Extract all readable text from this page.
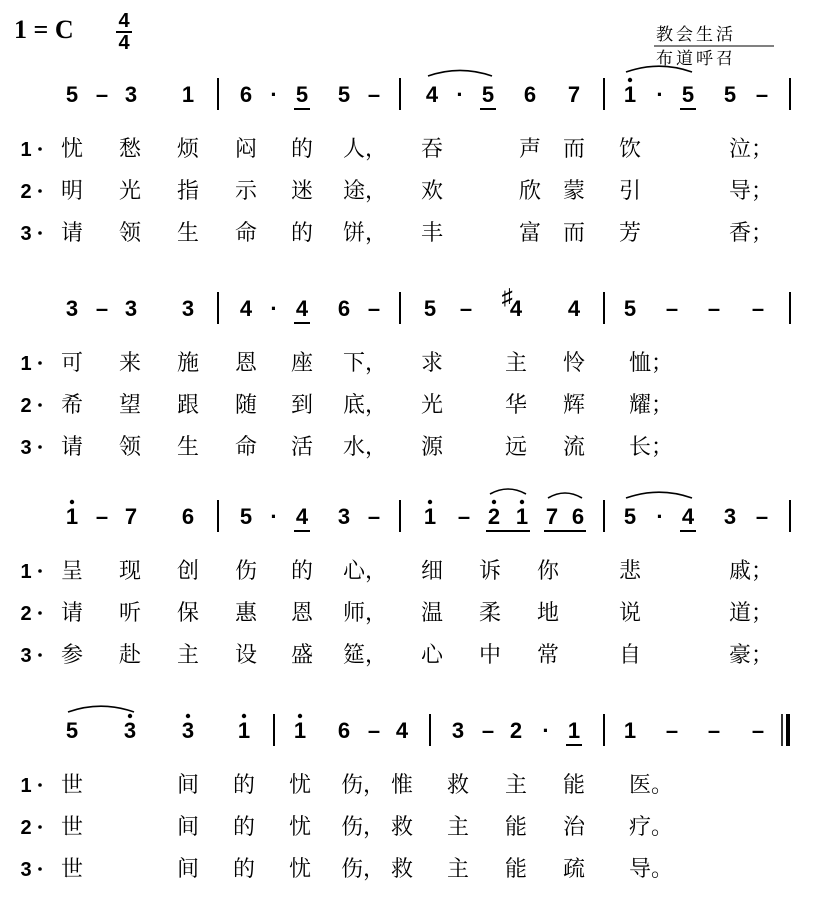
1 = C 4
4	教会生活
布道呼召
5 – 3 1 6 · 5 5 – 4 · 5 6 7 1 · 5 5 –
1 忧 愁 烦 闷 的 人， 吞	声 而 饮	泣；
2 明 光 指 示 迷 途， 欢	欣 蒙 引	导；
3 请 领 生 命 的 饼， 丰	富 而 芳	香；
3 – 3 3 4 · 4 6 – 5 – ♯
4 4 5 – – –
1 可 来 施 恩 座 下， 求	主 怜 恤；
2 希 望 跟 随 到 底， 光	华 辉 耀；
3 请 领 生 命 活 水， 源	远 流 长；
1 – 7 6 5 · 4 3 – 1 – 2 1 7 6 5 · 4 3 –
1 呈 现 创 伤 的 心， 细 诉 你	悲	戚；
2 请 听 保 惠 恩 师， 温 柔 地	说	道；
3 参 赴 主 设 盛 筵， 心 中 常	自	豪；
5 3 3 1 1 6 – 4 3 – 2 · 1 1 – – –
1 世	间 的 忧 伤， 惟 救 主 能 医。
2 世	间 的 忧 伤， 救 主 能 治 疗。
3 世	间 的 忧 伤， 救 主 能 疏 导。
